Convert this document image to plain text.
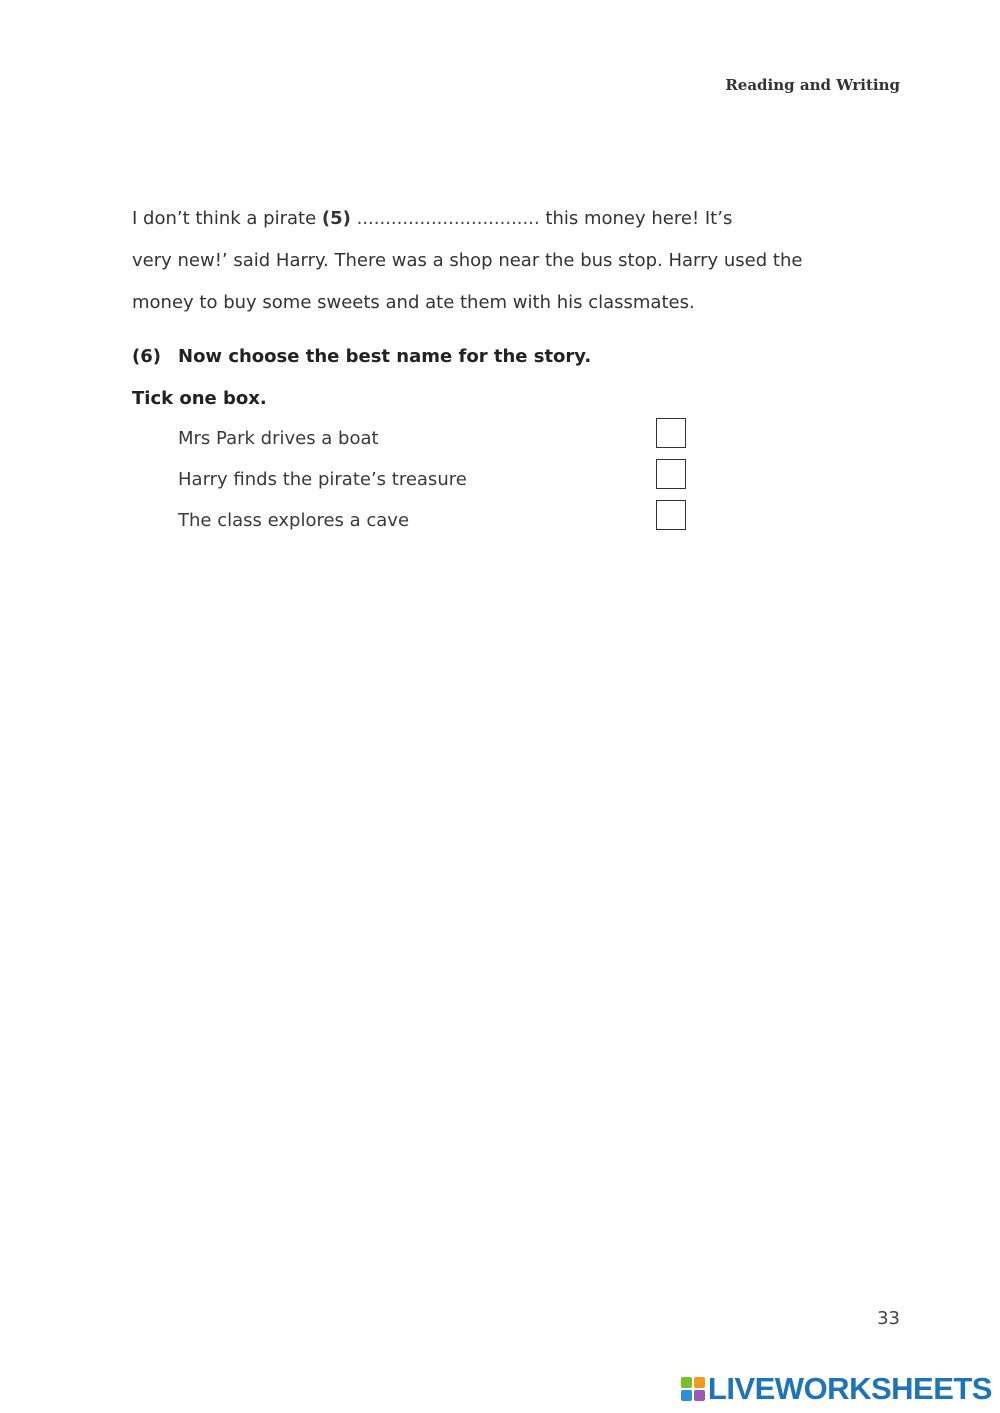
Reading and Writing
I don’t think a pirate (5) ................................ this money here! It’s
very new!’ said Harry. There was a shop near the bus stop. Harry used the
money to buy some sweets and ate them with his classmates.
(6) Now choose the best name for the story.
Tick one box.
Mrs Park drives a boat
Harry finds the pirate’s treasure
The class explores a cave
33
LIVEWORKSHEETS
